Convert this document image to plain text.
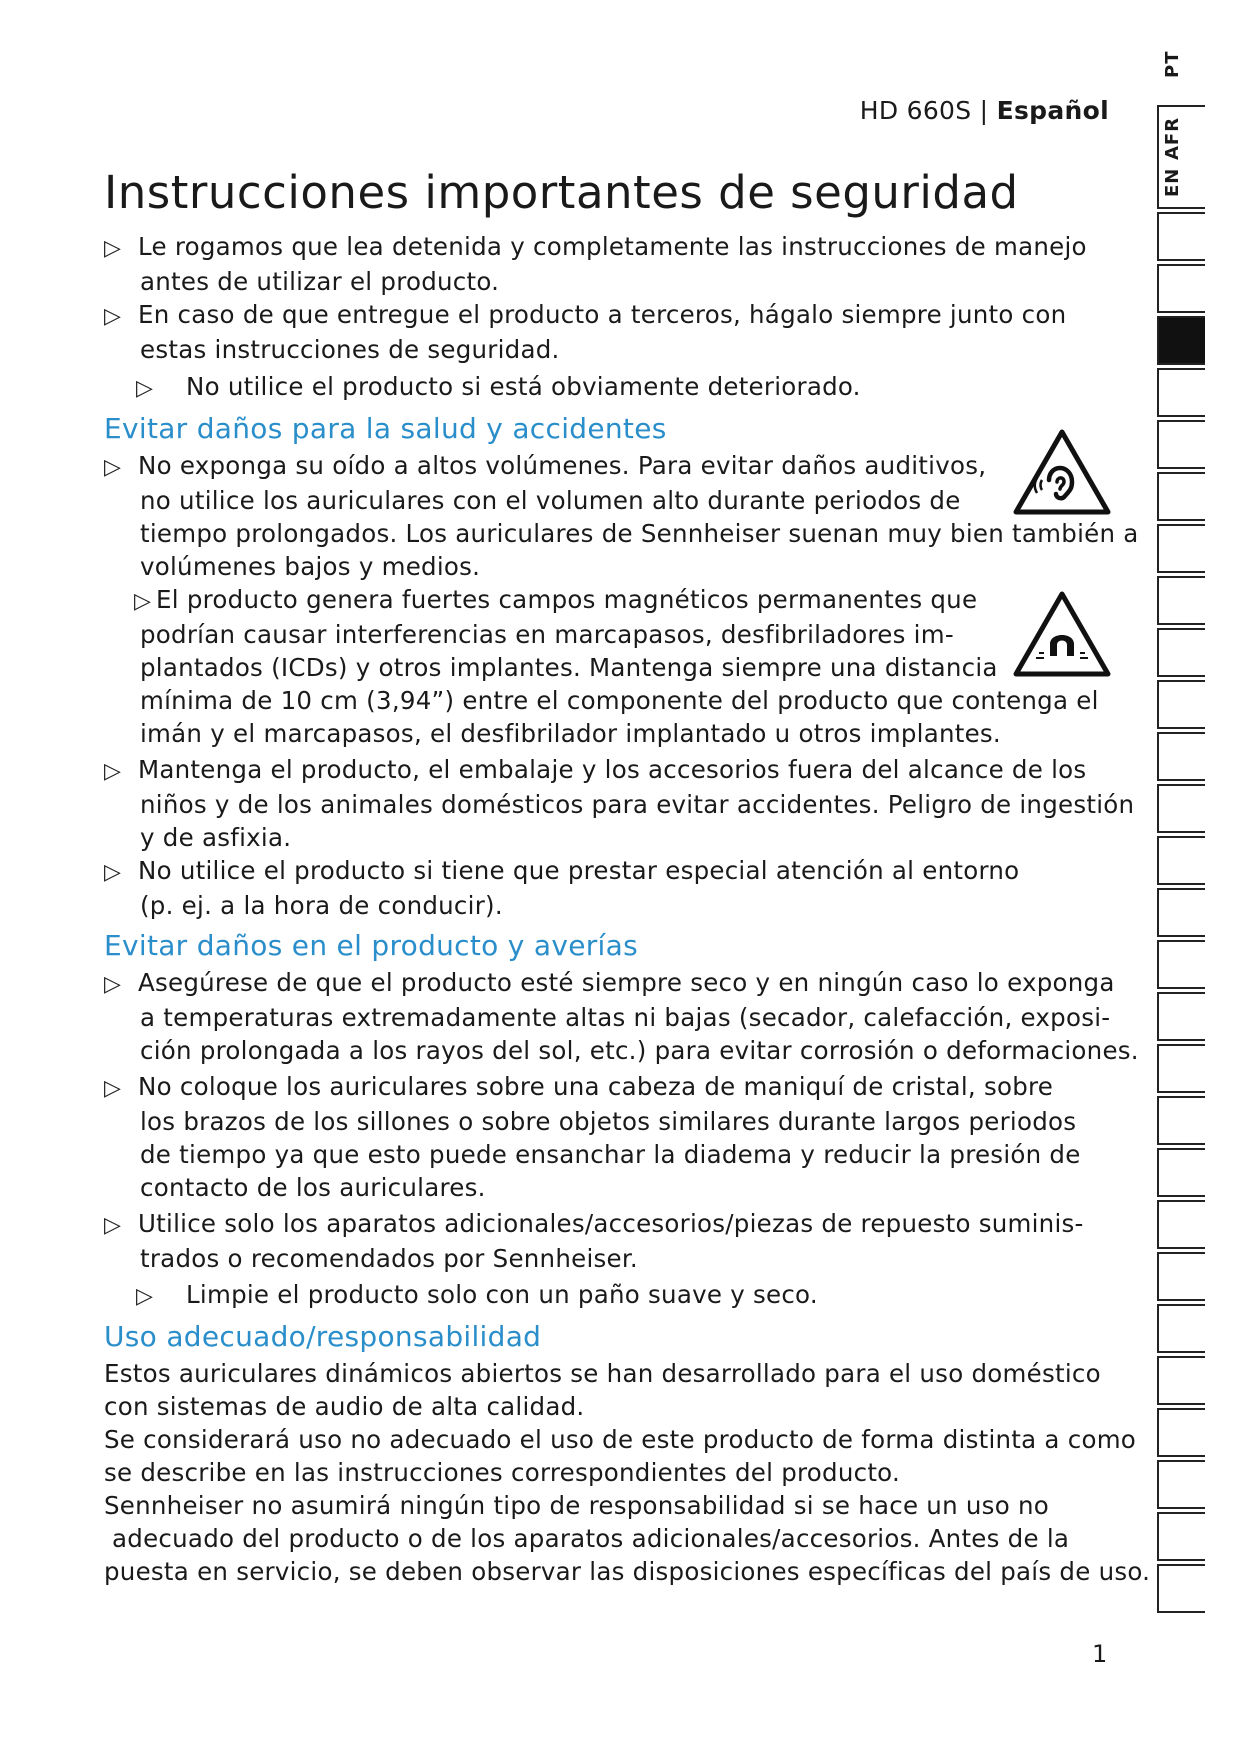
HD 660S | Español
Instrucciones importantes de seguridad
▷ Le rogamos que lea detenida y completamente las instrucciones de manejo
antes de utilizar el producto.
▷ En caso de que entregue el producto a terceros, hágalo siempre junto con
estas instrucciones de seguridad.
▷ No utilice el producto si está obviamente deteriorado.
Evitar daños para la salud y accidentes
▷ No exponga su oído a altos volúmenes. Para evitar daños auditivos,
no utilice los auriculares con el volumen alto durante periodos de
tiempo prolongados. Los auriculares de Sennheiser suenan muy bien también a
volúmenes bajos y medios.
▷ El producto genera fuertes campos magnéticos permanentes que
podrían causar interferencias en marcapasos, desfibriladores im-
plantados (ICDs) y otros implantes. Mantenga siempre una distancia
mínima de 10 cm (3,94”) entre el componente del producto que contenga el
imán y el marcapasos, el desfibrilador implantado u otros implantes.
▷ Mantenga el producto, el embalaje y los accesorios fuera del alcance de los
niños y de los animales domésticos para evitar accidentes. Peligro de ingestión
y de asfixia.
▷ No utilice el producto si tiene que prestar especial atención al entorno
(p. ej. a la hora de conducir).
Evitar daños en el producto y averías
▷ Asegúrese de que el producto esté siempre seco y en ningún caso lo exponga
a temperaturas extremadamente altas ni bajas (secador, calefacción, exposi-
ción prolongada a los rayos del sol, etc.) para evitar corrosión o deformaciones.
▷ No coloque los auriculares sobre una cabeza de maniquí de cristal, sobre
los brazos de los sillones o sobre objetos similares durante largos periodos
de tiempo ya que esto puede ensanchar la diadema y reducir la presión de
contacto de los auriculares.
▷ Utilice solo los aparatos adicionales/accesorios/piezas de repuesto suminis-
trados o recomendados por Sennheiser.
▷ Limpie el producto solo con un paño suave y seco.
Uso adecuado/responsabilidad
Estos auriculares dinámicos abiertos se han desarrollado para el uso doméstico
con sistemas de audio de alta calidad.
Se considerará uso no adecuado el uso de este producto de forma distinta a como
se describe en las instrucciones correspondientes del producto.
Sennheiser no asumirá ningún tipo de responsabilidad si se hace un uso no
adecuado del producto o de los aparatos adicionales/accesorios. Antes de la
puesta en servicio, se deben observar las disposiciones específicas del país de uso.
1
EN
AFR
PT
